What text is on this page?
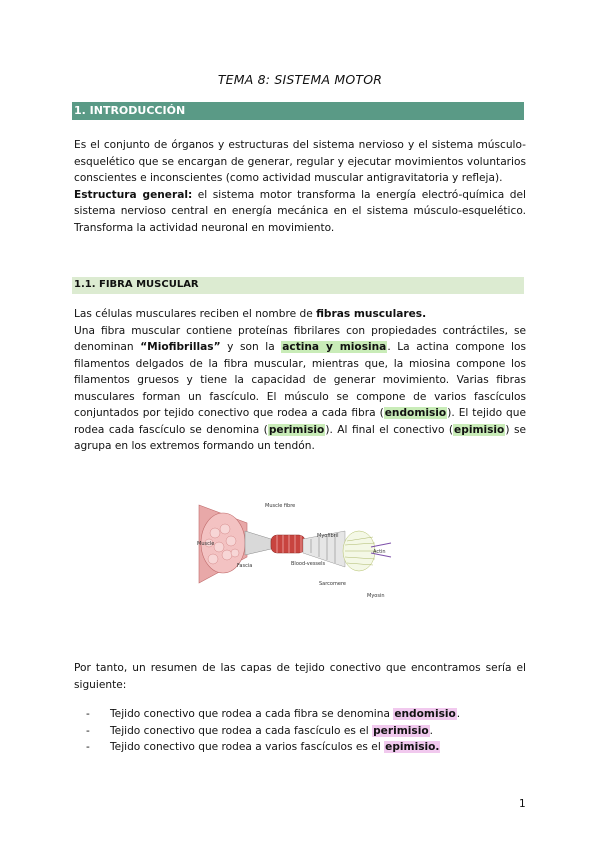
TEMA 8: SISTEMA MOTOR
1. INTRODUCCIÓN

Es el conjunto de órganos y estructuras del sistema nervioso y el sistema músculo-esquelético que se encargan de generar, regular y ejecutar movimientos voluntarios conscientes e inconscientes (como actividad muscular antigravitatoria y refleja).

Estructura general: el sistema motor transforma la energía electró-química del sistema nervioso central en energía mecánica en el sistema músculo-esquelético. Transforma la actividad neuronal en movimiento.

1.1. FIBRA MUSCULAR

Las células musculares reciben el nombre de fibras musculares.

Una fibra muscular contiene proteínas fibrilares con propiedades contráctiles, se denominan “Miofibrillas” y son la actina y miosina. La actina compone los filamentos delgados de la fibra muscular, mientras que, la miosina compone los filamentos gruesos y tiene la capacidad de generar movimiento. Varias fibras musculares forman un fascículo. El músculo se compone de varios fascículos conjuntados por tejido conectivo que rodea a cada fibra (endomisio). El tejido que rodea cada fascículo se denomina (perimisio). Al final el conectivo (epimisio) se agrupa en los extremos formando un tendón.

Muscle fibre
Muscle
Fascia	Blood-vessels
Myofibril
Actin
Sarcomere
Myosin
Por tanto, un resumen de las capas de tejido conectivo que encontramos sería el siguiente:
- Tejido conectivo que rodea a cada fibra se denomina endomisio.
- Tejido conectivo que rodea a cada fascículo es el perimisio.
- Tejido conectivo que rodea a varios fascículos es el epimisio.
1
